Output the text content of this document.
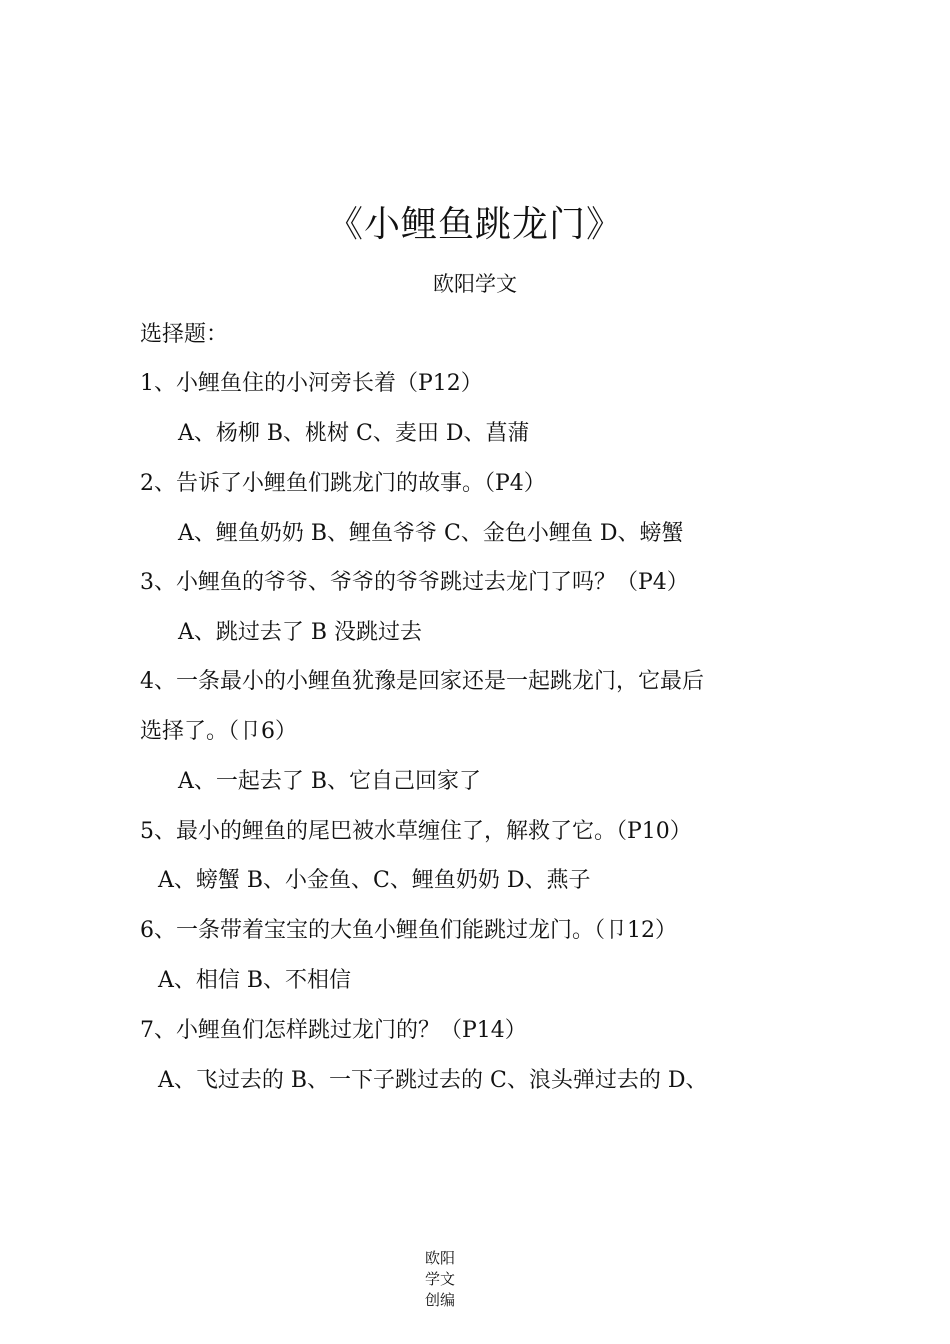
《小鲤鱼跳龙门》
欧阳学文
选择题：
1、小鲤鱼住的小河旁长着（P12）
A、杨柳 B、桃树 C、麦田 D、菖蒲
2、告诉了小鲤鱼们跳龙门的故事。（P4）
A、鲤鱼奶奶 B、鲤鱼爷爷 C、金色小鲤鱼 D、螃蟹
3、小鲤鱼的爷爷、爷爷的爷爷跳过去龙门了吗？（P4）
A、跳过去了 B 没跳过去
4、一条最小的小鲤鱼犹豫是回家还是一起跳龙门，它最后
选择了。（卩6）
A、一起去了 B、它自己回家了
5、最小的鲤鱼的尾巴被水草缠住了，解救了它。（P10）
A、螃蟹 B、小金鱼、C、鲤鱼奶奶 D、燕子
6、一条带着宝宝的大鱼小鲤鱼们能跳过龙门。（卩12）
A、相信 B、不相信
7、小鲤鱼们怎样跳过龙门的？（P14）
A、飞过去的 B、一下子跳过去的 C、浪头弹过去的 D、
欧阳
学文
创编
